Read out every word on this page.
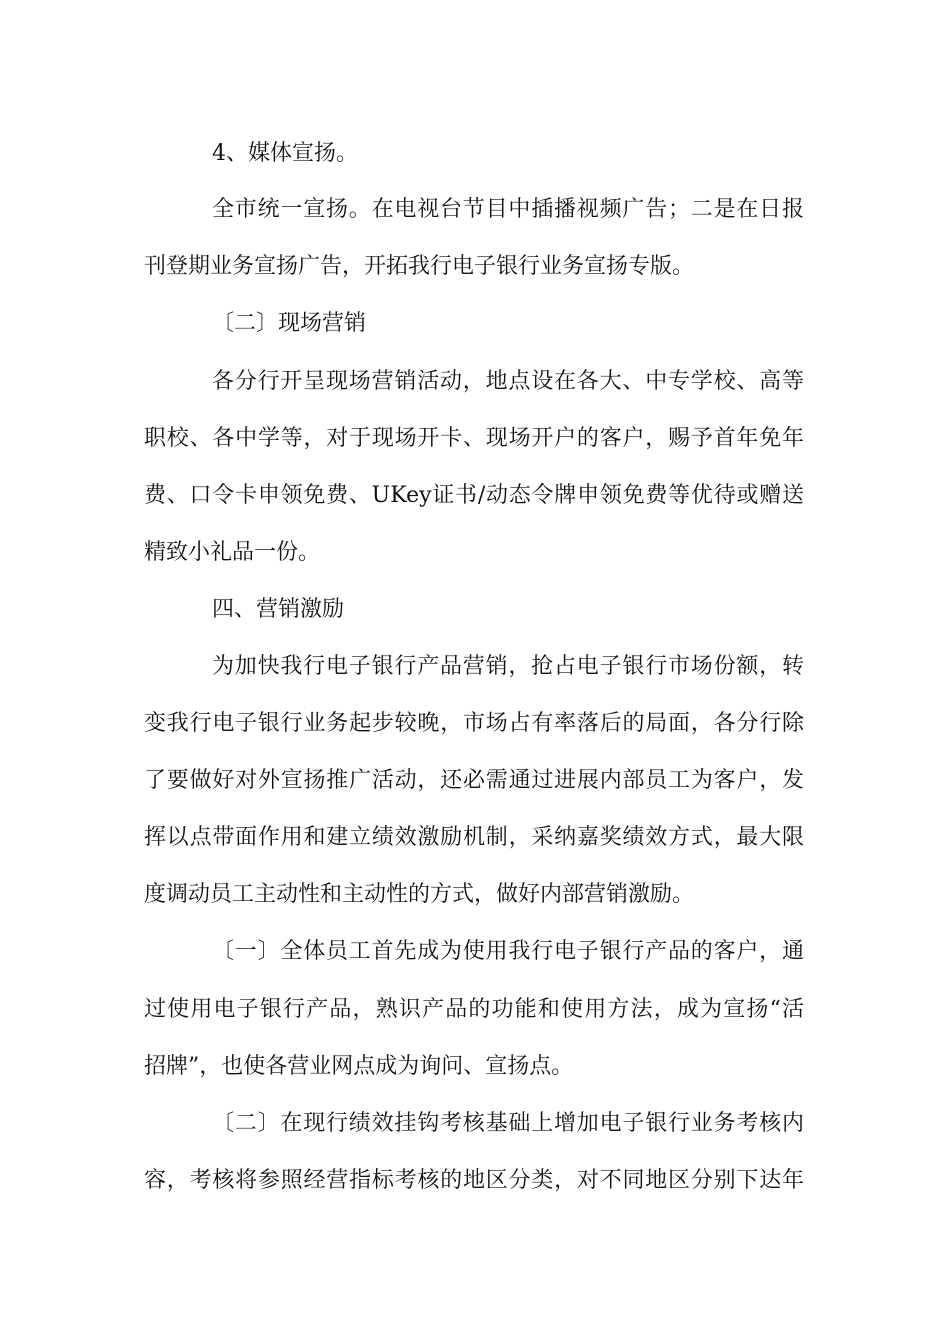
4、媒体宣扬。
全市统一宣扬。在电视台节目中插播视频广告；二是在日报
刊登期业务宣扬广告，开拓我行电子银行业务宣扬专版。
〔二〕现场营销
各分行开呈现场营销活动，地点设在各大、中专学校、高等
职校、各中学等，对于现场开卡、现场开户的客户，赐予首年免年
费、口令卡申领免费、UKey证书/动态令牌申领免费等优待或赠送
精致小礼品一份。
四、营销激励
为加快我行电子银行产品营销，抢占电子银行市场份额，转
变我行电子银行业务起步较晚，市场占有率落后的局面，各分行除
了要做好对外宣扬推广活动，还必需通过进展内部员工为客户，发
挥以点带面作用和建立绩效激励机制，采纳嘉奖绩效方式，最大限
度调动员工主动性和主动性的方式，做好内部营销激励。
〔一〕全体员工首先成为使用我行电子银行产品的客户，通
过使用电子银行产品，熟识产品的功能和使用方法，成为宣扬“活
招牌”，也使各营业网点成为询问、宣扬点。
〔二〕在现行绩效挂钩考核基础上增加电子银行业务考核内
容，考核将参照经营指标考核的地区分类，对不同地区分别下达年
